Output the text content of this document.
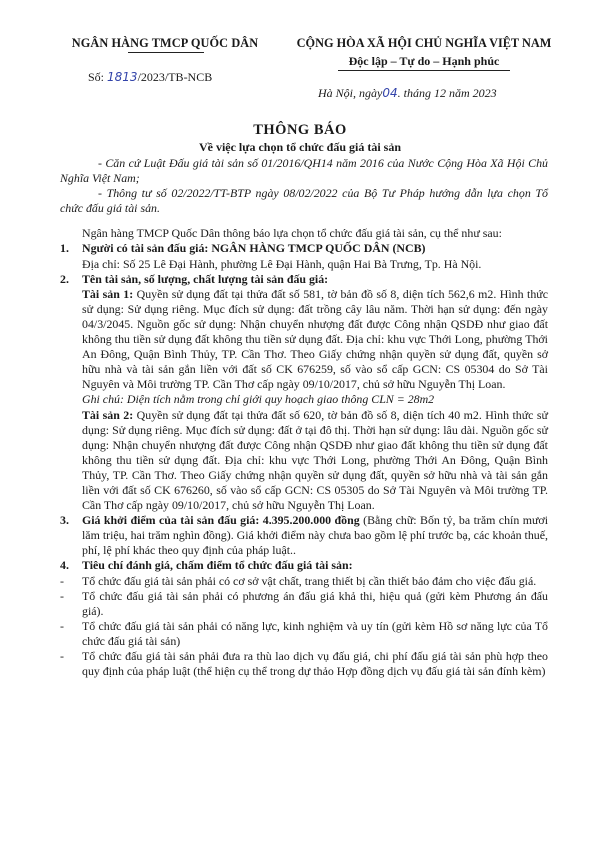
NGÂN HÀNG TMCP QUỐC DÂN	CỘNG HÒA XÃ HỘI CHỦ NGHĨA VIỆT NAM
Độc lập – Tự do – Hạnh phúc
Số: 1813/2023/TB-NCB
Hà Nội, ngày04. tháng 12 năm 2023
THÔNG BÁO
Về việc lựa chọn tổ chức đấu giá tài sản

- Căn cứ Luật Đấu giá tài sản số 01/2016/QH14 năm 2016 của Nước Cộng Hòa Xã Hội Chủ Nghĩa Việt Nam;

- Thông tư số 02/2022/TT-BTP ngày 08/02/2022 của Bộ Tư Pháp hướng dẫn lựa chọn Tổ chức đấu giá tài sản.

Ngân hàng TMCP Quốc Dân thông báo lựa chọn tổ chức đấu giá tài sản, cụ thể như sau:

1.	Người có tài sản đấu giá: NGÂN HÀNG TMCP QUỐC DÂN (NCB)

Địa chỉ: Số 25 Lê Đại Hành, phường Lê Đại Hành, quận Hai Bà Trưng, Tp. Hà Nội.

2.	Tên tài sản, số lượng, chất lượng tài sản đấu giá:

Tài sản 1: Quyền sử dụng đất tại thửa đất số 581, tờ bản đồ số 8, diện tích 562,6 m2. Hình thức sử dụng: Sử dụng riêng. Mục đích sử dụng: đất trồng cây lâu năm. Thời hạn sử dụng: đến ngày 04/3/2045. Nguồn gốc sử dụng: Nhận chuyển nhượng đất được Công nhận QSDĐ như giao đất không thu tiền sử dụng đất không thu tiền sử dụng đất. Địa chỉ: khu vực Thới Long, phường Thới An Đông, Quận Bình Thủy, TP. Cần Thơ. Theo Giấy chứng nhận quyền sử dụng đất, quyền sở hữu nhà và tài sản gắn liền với đất số CK 676259, số vào sổ cấp GCN: CS 05304 do Sở Tài Nguyên và Môi trường TP. Cần Thơ cấp ngày 09/10/2017, chủ sở hữu Nguyễn Thị Loan.

Ghi chú: Diện tích nằm trong chỉ giới quy hoạch giao thông CLN = 28m2

Tài sản 2: Quyền sử dụng đất tại thửa đất số 620, tờ bản đồ số 8, diện tích 40 m2. Hình thức sử dụng: Sử dụng riêng. Mục đích sử dụng: đất ở tại đô thị. Thời hạn sử dụng: lâu dài. Nguồn gốc sử dụng: Nhận chuyển nhượng đất được Công nhận QSDĐ như giao đất không thu tiền sử dụng đất không thu tiền sử dụng đất. Địa chỉ: khu vực Thới Long, phường Thới An Đông, Quận Bình Thủy, TP. Cần Thơ. Theo Giấy chứng nhận quyền sử dụng đất, quyền sở hữu nhà và tài sản gắn liền với đất số CK 676260, số vào sổ cấp GCN: CS 05305 do Sở Tài Nguyên và Môi trường TP. Cần Thơ cấp ngày 09/10/2017, chủ sở hữu Nguyễn Thị Loan.

3.	Giá khởi điểm của tài sản đấu giá: 4.395.200.000 đồng (Bằng chữ: Bốn tỷ, ba trăm chín mươi lăm triệu, hai trăm nghìn đồng). Giá khởi điểm này chưa bao gồm lệ phí trước bạ, các khoản thuế, phí, lệ phí khác theo quy định của pháp luật..

4.	Tiêu chí đánh giá, chấm điểm tổ chức đấu giá tài sản:

-	Tổ chức đấu giá tài sản phải có cơ sở vật chất, trang thiết bị cần thiết bảo đảm cho việc đấu giá.
-	Tổ chức đấu giá tài sản phải có phương án đấu giá khả thi, hiệu quả (gửi kèm Phương án đấu giá).
-	Tổ chức đấu giá tài sản phải có năng lực, kinh nghiệm và uy tín (gửi kèm Hồ sơ năng lực của Tổ chức đấu giá tài sản)
-	Tổ chức đấu giá tài sản phải đưa ra thù lao dịch vụ đấu giá, chi phí đấu giá tài sản phù hợp theo quy định của pháp luật (thể hiện cụ thể trong dự thảo Hợp đồng dịch vụ đấu giá tài sản đính kèm)
